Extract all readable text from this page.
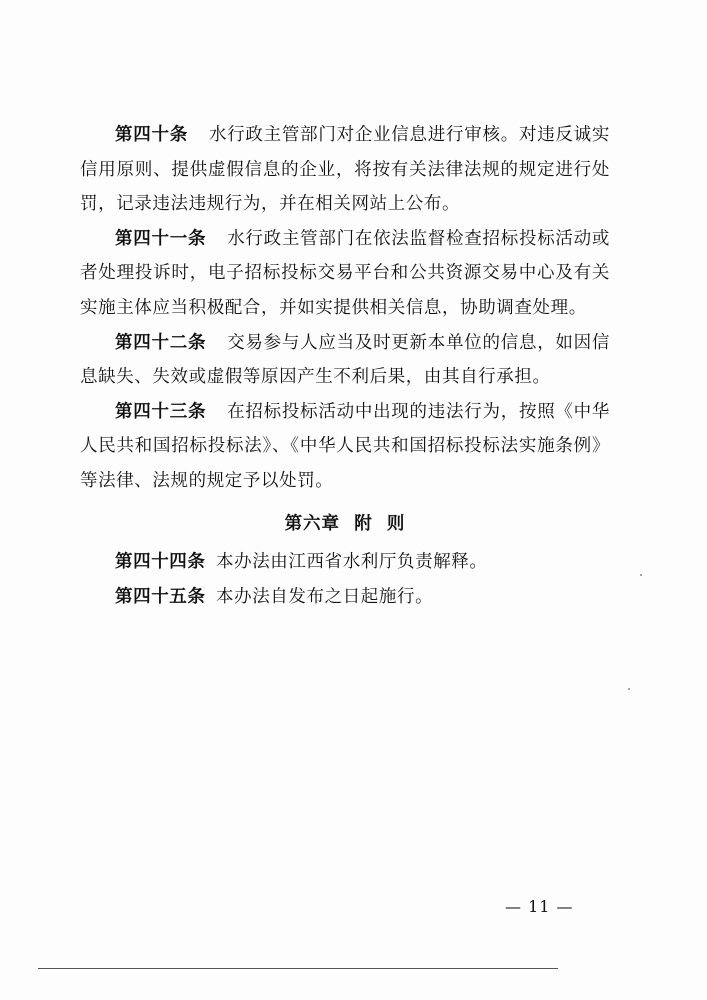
第四十条 水行政主管部门对企业信息进行审核。对违反诚实信用原则、提供虚假信息的企业，将按有关法律法规的规定进行处罚，记录违法违规行为，并在相关网站上公布。

第四十一条 水行政主管部门在依法监督检查招标投标活动或者处理投诉时，电子招标投标交易平台和公共资源交易中心及有关实施主体应当积极配合，并如实提供相关信息，协助调查处理。

第四十二条 交易参与人应当及时更新本单位的信息，如因信息缺失、失效或虚假等原因产生不利后果，由其自行承担。

第四十三条 在招标投标活动中出现的违法行为，按照《中华人民共和国招标投标法》、《中华人民共和国招标投标法实施条例》等法律、法规的规定予以处罚。

第六章  附  则

第四十四条 本办法由江西省水利厅负责解释。

第四十五条 本办法自发布之日起施行。

— 11 —
